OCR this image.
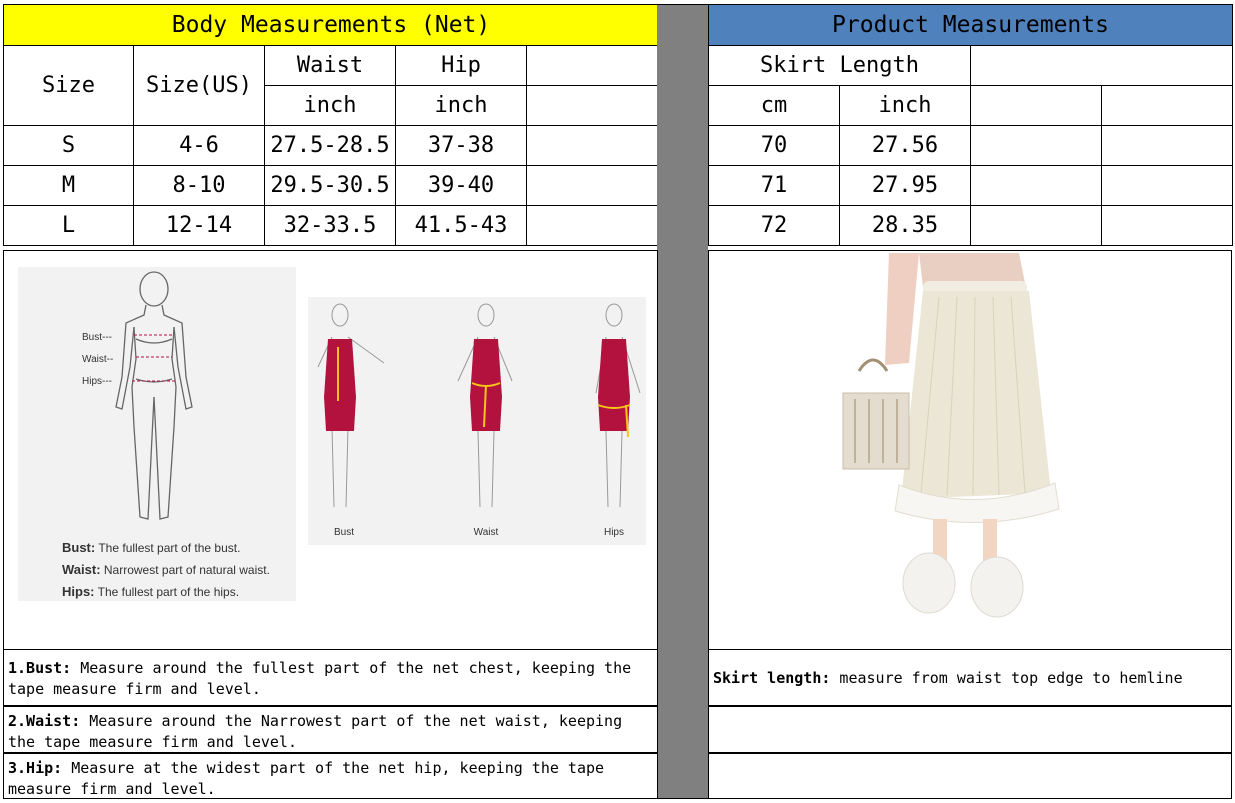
Body Measurements (Net)				
Size	Size(US)	Waist	Hip	
		inch	inch	
S	4-6	27.5-28.5	37-38	
M	8-10	29.5-30.5	39-40	
L	12-14	32-33.5	41.5-43	
Product Measurements			
Skirt Length			
cm	inch		
70	27.56		
71	27.95		
72	28.35		
Bust---
Waist--
Hips---
Bust: The fullest part of the bust.
Waist: Narrowest part of natural waist.
Hips: The fullest part of the hips.
Bust	Waist	Hips
1.Bust: Measure around the fullest part of the net chest, keeping the tape measure firm and level.
2.Waist: Measure around the Narrowest part of the net waist, keeping the tape measure firm and level.
3.Hip: Measure at the widest part of the net hip, keeping the tape measure firm and level.
Skirt length: measure from waist top edge to hemline
